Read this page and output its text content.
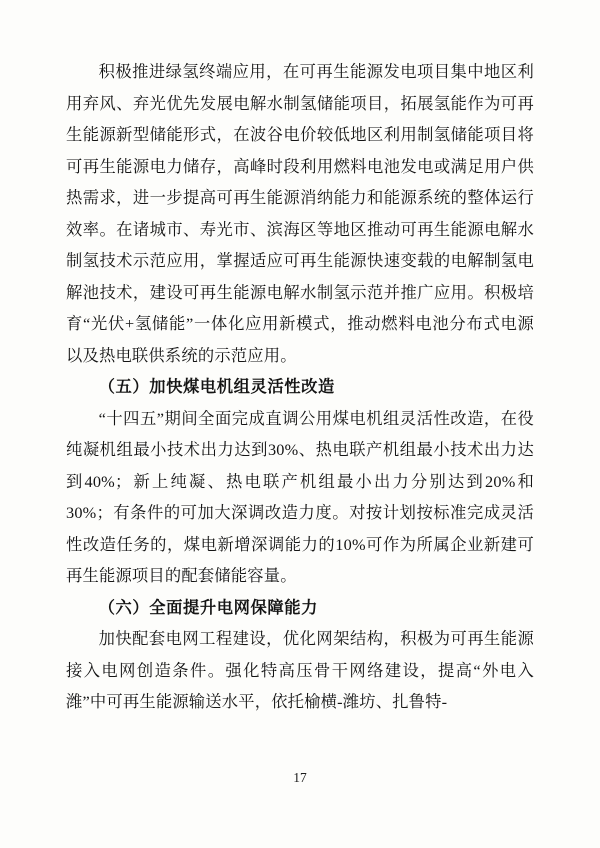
积极推进绿氢终端应用，在可再生能源发电项目集中地区利用弃风、弃光优先发展电解水制氢储能项目，拓展氢能作为可再生能源新型储能形式，在波谷电价较低地区利用制氢储能项目将可再生能源电力储存，高峰时段利用燃料电池发电或满足用户供热需求，进一步提高可再生能源消纳能力和能源系统的整体运行效率。在诸城市、寿光市、滨海区等地区推动可再生能源电解水制氢技术示范应用，掌握适应可再生能源快速变载的电解制氢电解池技术，建设可再生能源电解水制氢示范并推广应用。积极培育“光伏+氢储能”一体化应用新模式，推动燃料电池分布式电源以及热电联供系统的示范应用。

（五）加快煤电机组灵活性改造

“十四五”期间全面完成直调公用煤电机组灵活性改造，在役纯凝机组最小技术出力达到30%、热电联产机组最小技术出力达到40%；新上纯凝、热电联产机组最小出力分别达到20%和30%；有条件的可加大深调改造力度。对按计划按标准完成灵活性改造任务的，煤电新增深调能力的10%可作为所属企业新建可再生能源项目的配套储能容量。

（六）全面提升电网保障能力

加快配套电网工程建设，优化网架结构，积极为可再生能源接入电网创造条件。强化特高压骨干网络建设，提高“外电入潍”中可再生能源输送水平，依托榆横-潍坊、扎鲁特-

17
